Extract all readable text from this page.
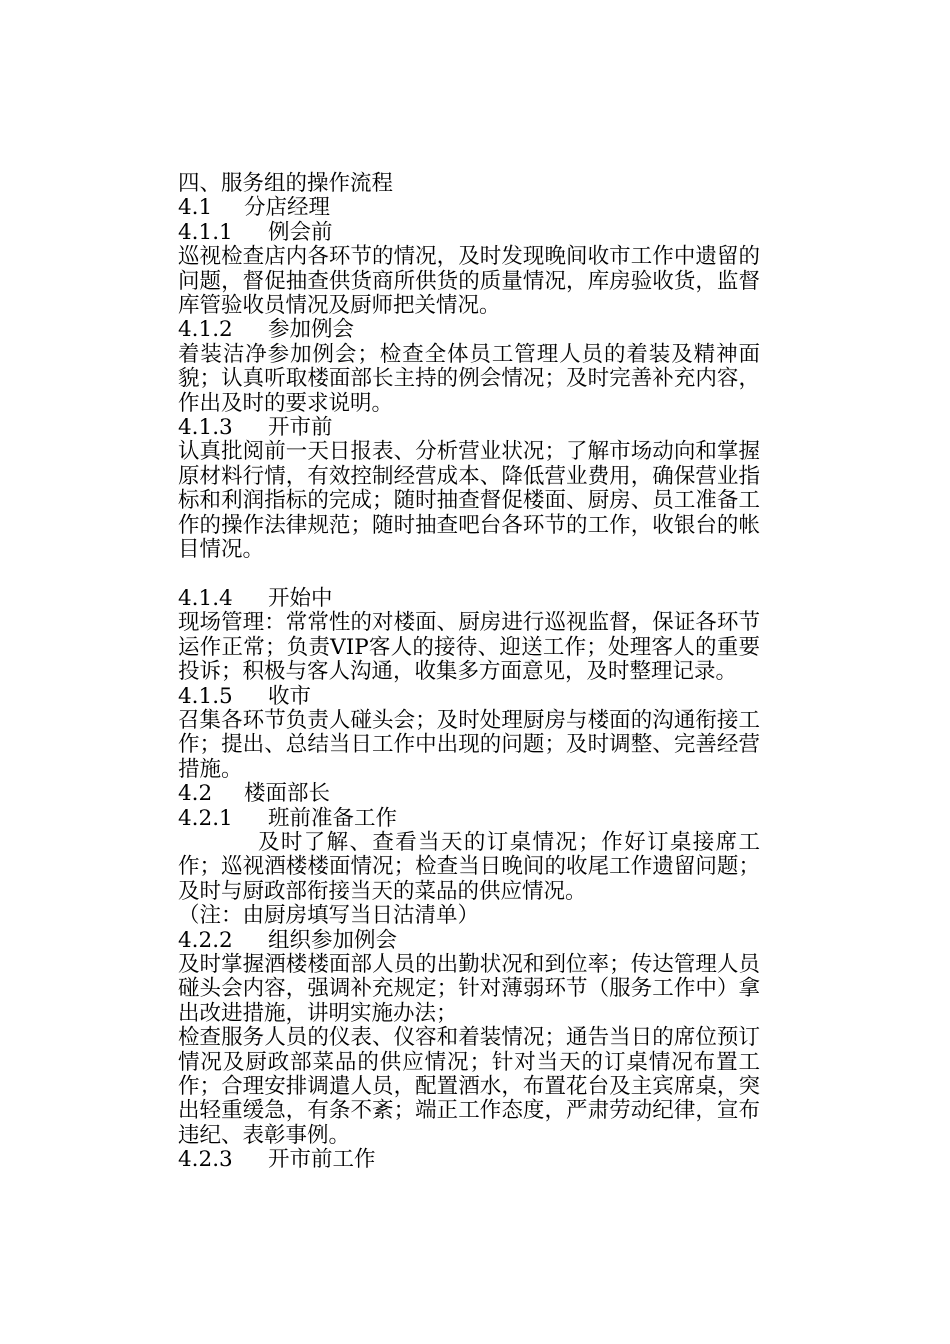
四、服务组的操作流程
4.1 分店经理
4.1.1 例会前
巡视检查店内各环节的情况，及时发现晚间收市工作中遗留的问题，督促抽查供货商所供货的质量情况，库房验收货，监督库管验收员情况及厨师把关情况。
4.1.2 参加例会
着装洁净参加例会；检查全体员工管理人员的着装及精神面貌；认真听取楼面部长主持的例会情况；及时完善补充内容，作出及时的要求说明。
4.1.3 开市前
认真批阅前一天日报表、分析营业状况；了解市场动向和掌握原材料行情，有效控制经营成本、降低营业费用，确保营业指标和利润指标的完成；随时抽查督促楼面、厨房、员工准备工作的操作法律规范；随时抽查吧台各环节的工作，收银台的帐目情况。
4.1.4 开始中
现场管理：常常性的对楼面、厨房进行巡视监督，保证各环节运作正常；负责VIP客人的接待、迎送工作；处理客人的重要投诉；积极与客人沟通，收集多方面意见，及时整理记录。
4.1.5 收市
召集各环节负责人碰头会；及时处理厨房与楼面的沟通衔接工作；提出、总结当日工作中出现的问题；及时调整、完善经营措施。
4.2 楼面部长
4.2.1 班前准备工作
及时了解、查看当天的订桌情况；作好订桌接席工作；巡视酒楼楼面情况；检查当日晚间的收尾工作遗留问题；及时与厨政部衔接当天的菜品的供应情况。
（注：由厨房填写当日沽清单）
4.2.2 组织参加例会
及时掌握酒楼楼面部人员的出勤状况和到位率；传达管理人员碰头会内容，强调补充规定；针对薄弱环节（服务工作中）拿出改进措施，讲明实施办法；
检查服务人员的仪表、仪容和着装情况；通告当日的席位预订情况及厨政部菜品的供应情况；针对当天的订桌情况布置工作；合理安排调遣人员，配置酒水，布置花台及主宾席桌，突出轻重缓急，有条不紊；端正工作态度，严肃劳动纪律，宣布违纪、表彰事例。
4.2.3 开市前工作
